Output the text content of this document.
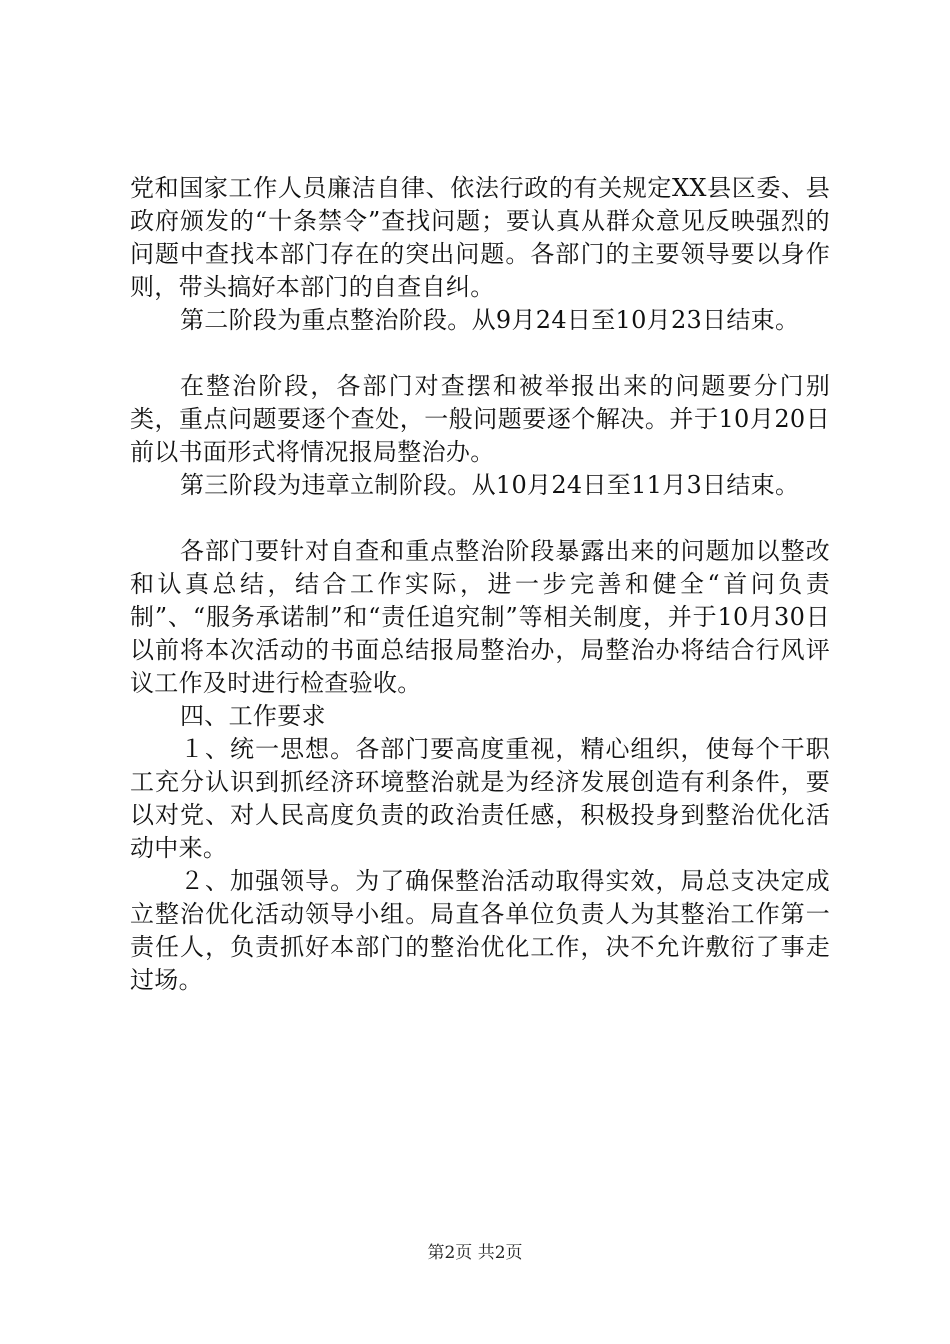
党和国家工作人员廉洁自律、依法行政的有关规定XX县区委、县政府颁发的“十条禁令”查找问题；要认真从群众意见反映强烈的问题中查找本部门存在的突出问题。各部门的主要领导要以身作则，带头搞好本部门的自查自纠。

第二阶段为重点整治阶段。从9月24日至10月23日结束。

在整治阶段，各部门对查摆和被举报出来的问题要分门别类，重点问题要逐个查处，一般问题要逐个解决。并于10月20日前以书面形式将情况报局整治办。

第三阶段为违章立制阶段。从10月24日至11月3日结束。

各部门要针对自查和重点整治阶段暴露出来的问题加以整改和认真总结，结合工作实际，进一步完善和健全“首问负责制”、“服务承诺制”和“责任追究制”等相关制度，并于10月30日以前将本次活动的书面总结报局整治办，局整治办将结合行风评议工作及时进行检查验收。

四、工作要求

１、统一思想。各部门要高度重视，精心组织，使每个干职工充分认识到抓经济环境整治就是为经济发展创造有利条件，要以对党、对人民高度负责的政治责任感，积极投身到整治优化活动中来。

２、加强领导。为了确保整治活动取得实效，局总支决定成立整治优化活动领导小组。局直各单位负责人为其整治工作第一责任人，负责抓好本部门的整治优化工作，决不允许敷衍了事走过场。

第2页 共2页
